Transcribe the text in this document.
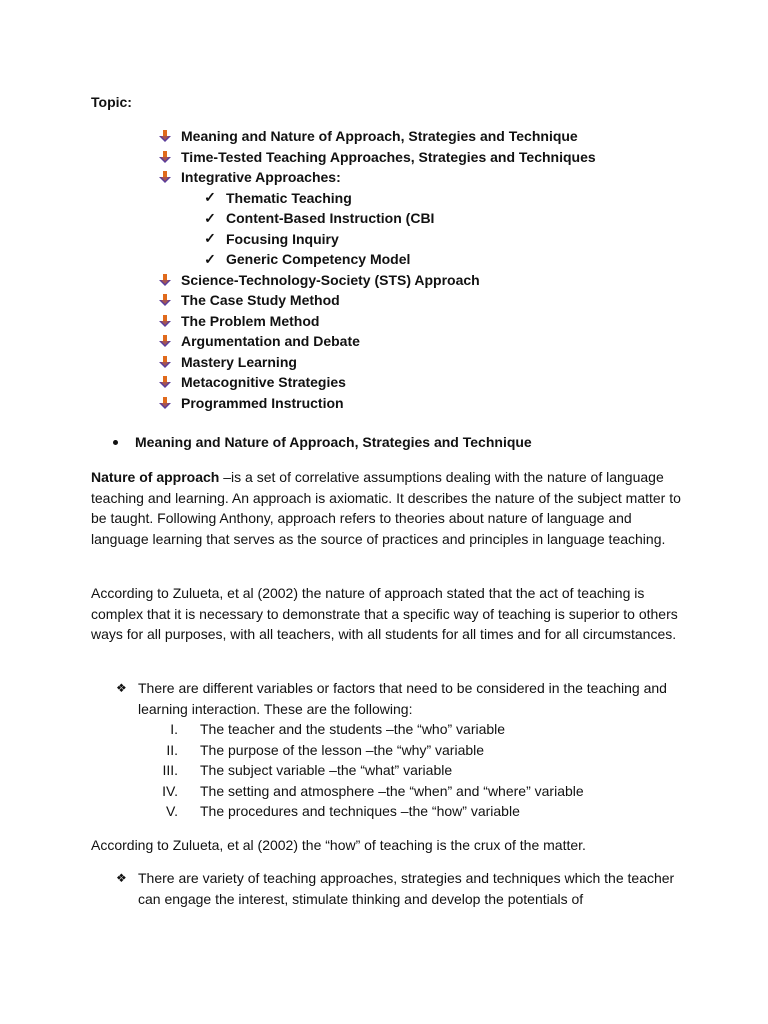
Topic:
Meaning and Nature of Approach, Strategies and Technique
Time-Tested Teaching Approaches, Strategies and Techniques
Integrative Approaches:
✓ Thematic Teaching
✓ Content-Based Instruction (CBI
✓ Focusing Inquiry
✓ Generic Competency Model
Science-Technology-Society (STS) Approach
The Case Study Method
The Problem Method
Argumentation and Debate
Mastery Learning
Metacognitive Strategies
Programmed Instruction
Meaning and Nature of Approach, Strategies and Technique
Nature of approach –is a set of correlative assumptions dealing with the nature of language teaching and learning. An approach is axiomatic. It describes the nature of the subject matter to be taught. Following Anthony, approach refers to theories about nature of language and language learning that serves as the source of practices and principles in language teaching.
According to Zulueta, et al (2002) the nature of approach stated that the act of teaching is complex that it is necessary to demonstrate that a specific way of teaching is superior to others ways for all purposes, with all teachers, with all students for all times and for all circumstances.
❖ There are different variables or factors that need to be considered in the teaching and learning interaction. These are the following:
I.	The teacher and the students –the “who” variable
II.	The purpose of the lesson –the “why” variable
III.	The subject variable –the “what” variable
IV.	The setting and atmosphere –the “when” and “where” variable
V.	The procedures and techniques –the “how” variable
According to Zulueta, et al (2002) the “how” of teaching is the crux of the matter.
❖ There are variety of teaching approaches, strategies and techniques which the teacher can engage the interest, stimulate thinking and develop the potentials of
